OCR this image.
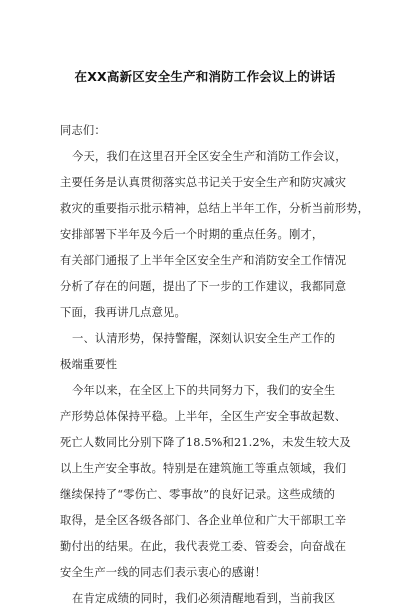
在XX高新区安全生产和消防工作会议上的讲话
同志们：
今天，我们在这里召开全区安全生产和消防工作会议，
主要任务是认真贯彻落实总书记关于安全生产和防灾减灾
救灾的重要指示批示精神，总结上半年工作，分析当前形势，
安排部署下半年及今后一个时期的重点任务。刚才，
有关部门通报了上半年全区安全生产和消防安全工作情况
分析了存在的问题，提出了下一步的工作建议，我都同意
下面，我再讲几点意见。
一、认清形势，保持警醒，深刻认识安全生产工作的
极端重要性
今年以来，在全区上下的共同努力下，我们的安全生
产形势总体保持平稳。上半年，全区生产安全事故起数、
死亡人数同比分别下降了18.5%和21.2%，未发生较大及
以上生产安全事故。特别是在建筑施工等重点领域，我们
继续保持了“零伤亡、零事故”的良好记录。这些成绩的
取得，是全区各级各部门、各企业单位和广大干部职工辛
勤付出的结果。在此，我代表党工委、管委会，向奋战在
安全生产一线的同志们表示衷心的感谢！
在肯定成绩的同时，我们必须清醒地看到，当前我区
